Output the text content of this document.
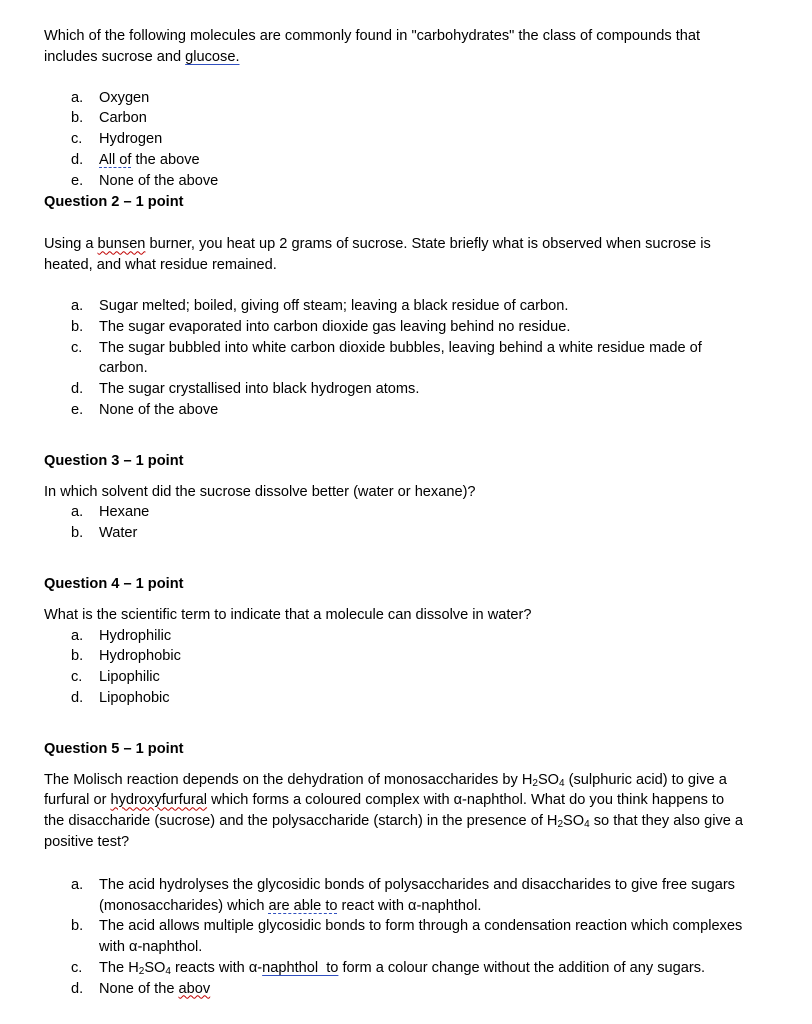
Which of the following molecules are commonly found in "carbohydrates" the class of compounds that includes sucrose and glucose.

a. Oxygen
b. Carbon
c. Hydrogen
d. All of the above
e. None of the above

Question 2 – 1 point

Using a bunsen burner, you heat up 2 grams of sucrose. State briefly what is observed when sucrose is heated, and what residue remained.

a. Sugar melted; boiled, giving off steam; leaving a black residue of carbon.
b. The sugar evaporated into carbon dioxide gas leaving behind no residue.
c. The sugar bubbled into white carbon dioxide bubbles, leaving behind a white residue made of carbon.
d. The sugar crystallised into black hydrogen atoms.
e. None of the above

Question 3 – 1 point

In which solvent did the sucrose dissolve better (water or hexane)?

a. Hexane
b. Water

Question 4 – 1 point

What is the scientific term to indicate that a molecule can dissolve in water?

a. Hydrophilic
b. Hydrophobic
c. Lipophilic
d. Lipophobic

Question 5 – 1 point

The Molisch reaction depends on the dehydration of monosaccharides by $H_2SO_4$ (sulphuric acid) to give a furfural or hydroxyfurfural which forms a coloured complex with α-naphthol. What do you think happens to the disaccharide (sucrose) and the polysaccharide (starch) in the presence of $H_2SO_4$ so that they also give a positive test?

a. The acid hydrolyses the glycosidic bonds of polysaccharides and disaccharides to give free sugars (monosaccharides) which are able to react with α-naphthol.
b. The acid allows multiple glycosidic bonds to form through a condensation reaction which complexes with α-naphthol.
c. The $H_2SO_4$ reacts with α-naphthol  to form a colour change without the addition of any sugars.
d. None of the abov
